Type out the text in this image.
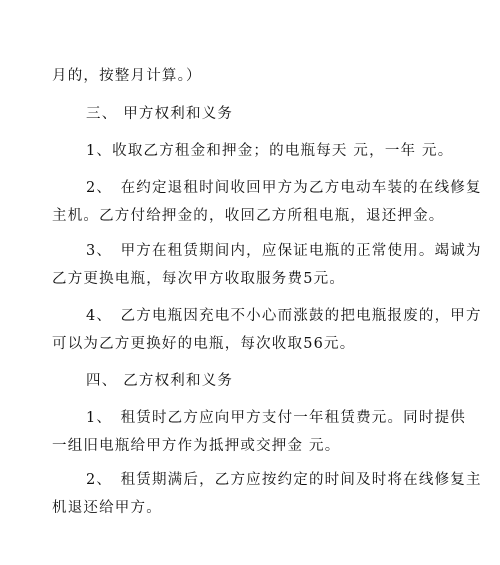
月的，按整月计算。）
三、 甲方权利和义务
1、收取乙方租金和押金；的电瓶每天 元，一年 元。
2、　在约定退租时间收回甲方为乙方电动车装的在线修复
主机。乙方付给押金的，收回乙方所租电瓶，退还押金。
3、　甲方在租赁期间内，应保证电瓶的正常使用。竭诚为
乙方更换电瓶，每次甲方收取服务费5元。
4、　乙方电瓶因充电不小心而涨鼓的把电瓶报废的，甲方
可以为乙方更换好的电瓶，每次收取56元。
四、 乙方权利和义务
1、　租赁时乙方应向甲方支付一年租赁费元。同时提供
一组旧电瓶给甲方作为抵押或交押金 元。
2、　租赁期满后，乙方应按约定的时间及时将在线修复主
机退还给甲方。
